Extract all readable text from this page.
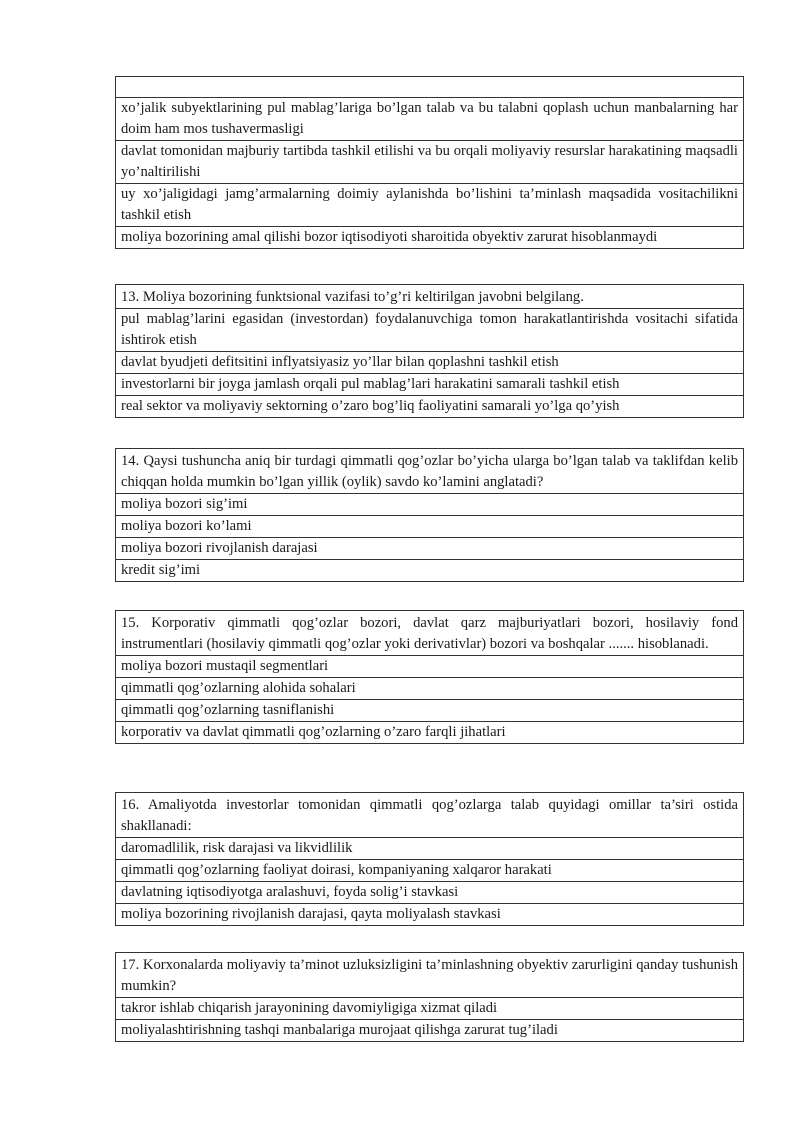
xo’jalik subyektlarining pul mablag’lariga bo’lgan talab va bu talabni qoplash uchun manbalarning har doim ham mos tushavermasligi
davlat tomonidan majburiy tartibda tashkil etilishi va bu orqali moliyaviy resurslar harakatining maqsadli yo’naltirilishi
uy xo’jaligidagi jamg’armalarning doimiy aylanishda bo’lishini ta’minlash maqsadida vositachilikni tashkil etish
moliya bozorining amal qilishi bozor iqtisodiyoti sharoitida obyektiv zarurat hisoblanmaydi
13. Moliya bozorining funktsional vazifasi to’g’ri keltirilgan javobni belgilang.
pul mablag’larini egasidan (investordan) foydalanuvchiga tomon harakatlantirishda vositachi sifatida ishtirok etish
davlat byudjeti defitsitini inflyatsiyasiz yo’llar bilan qoplashni tashkil etish
investorlarni bir joyga jamlash orqali pul mablag’lari harakatini samarali tashkil etish
real sektor va moliyaviy sektorning o’zaro bog’liq faoliyatini samarali yo’lga qo’yish
14. Qaysi tushuncha aniq bir turdagi qimmatli qog’ozlar bo’yicha ularga bo’lgan talab va taklifdan kelib chiqqan holda mumkin bo’lgan yillik (oylik) savdo ko’lamini anglatadi?
moliya bozori sig’imi
moliya bozori ko’lami
moliya bozori rivojlanish darajasi
kredit sig’imi
15. Korporativ qimmatli qog’ozlar bozori, davlat qarz majburiyatlari bozori, hosilaviy fond instrumentlari (hosilaviy qimmatli qog’ozlar yoki derivativlar) bozori va boshqalar ....... hisoblanadi.
moliya bozori mustaqil segmentlari
qimmatli qog’ozlarning alohida sohalari
qimmatli qog’ozlarning tasniflanishi
korporativ va davlat qimmatli qog’ozlarning o’zaro farqli jihatlari
16. Amaliyotda investorlar tomonidan qimmatli qog’ozlarga talab quyidagi omillar ta’siri ostida shakllanadi:
daromadlilik, risk darajasi va likvidlilik
qimmatli qog’ozlarning faoliyat doirasi, kompaniyaning xalqaror harakati
davlatning iqtisodiyotga aralashuvi, foyda solig’i stavkasi
moliya bozorining rivojlanish darajasi, qayta moliyalash stavkasi
17. Korxonalarda moliyaviy ta’minot uzluksizligini ta’minlashning obyektiv zarurligini qanday tushunish mumkin?
takror ishlab chiqarish jarayonining davomiyligiga xizmat qiladi
moliyalashtirishning tashqi manbalariga murojaat qilishga zarurat tug’iladi
